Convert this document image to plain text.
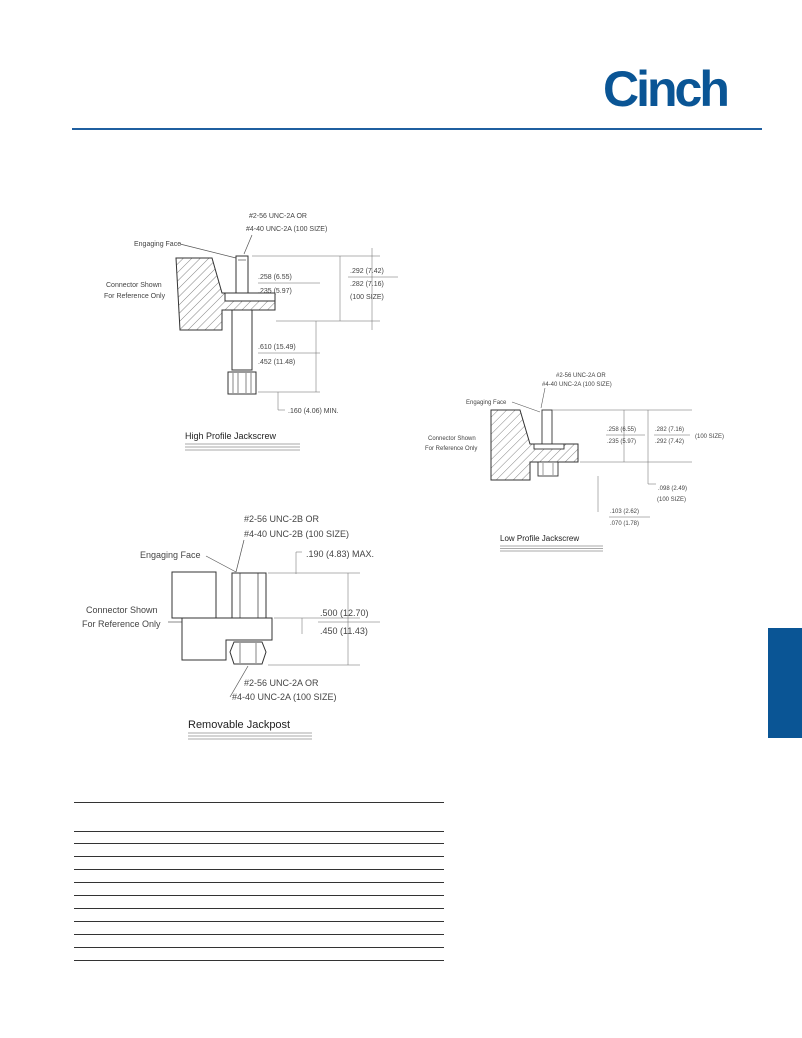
Cinch
#2-56 UNC-2A OR
#4-40 UNC-2A (100 SIZE)
Engaging Face
Connector Shown
For Reference Only
.258 (6.55)
.235 (5.97)
.292 (7.42)
.282 (7.16)
(100 SIZE)
.610 (15.49)
.452 (11.48)
.160 (4.06) MIN.
High Profile Jackscrew
#2-56 UNC-2A OR
#4-40 UNC-2A (100 SIZE)
Engaging Face
Connector Shown
For Reference Only
.258 (6.55)
.235 (5.97)
.282 (7.16)
.292 (7.42)
(100 SIZE)
.098 (2.49)
(100 SIZE)
.103 (2.62)
.070 (1.78)
Low Profile Jackscrew
#2-56 UNC-2B OR
#4-40 UNC-2B (100 SIZE)
Engaging Face	.190 (4.83) MAX.
Connector Shown
For Reference Only
.500 (12.70)
.450 (11.43)
#2-56 UNC-2A OR
#4-40 UNC-2A (100 SIZE)
Removable Jackpost
